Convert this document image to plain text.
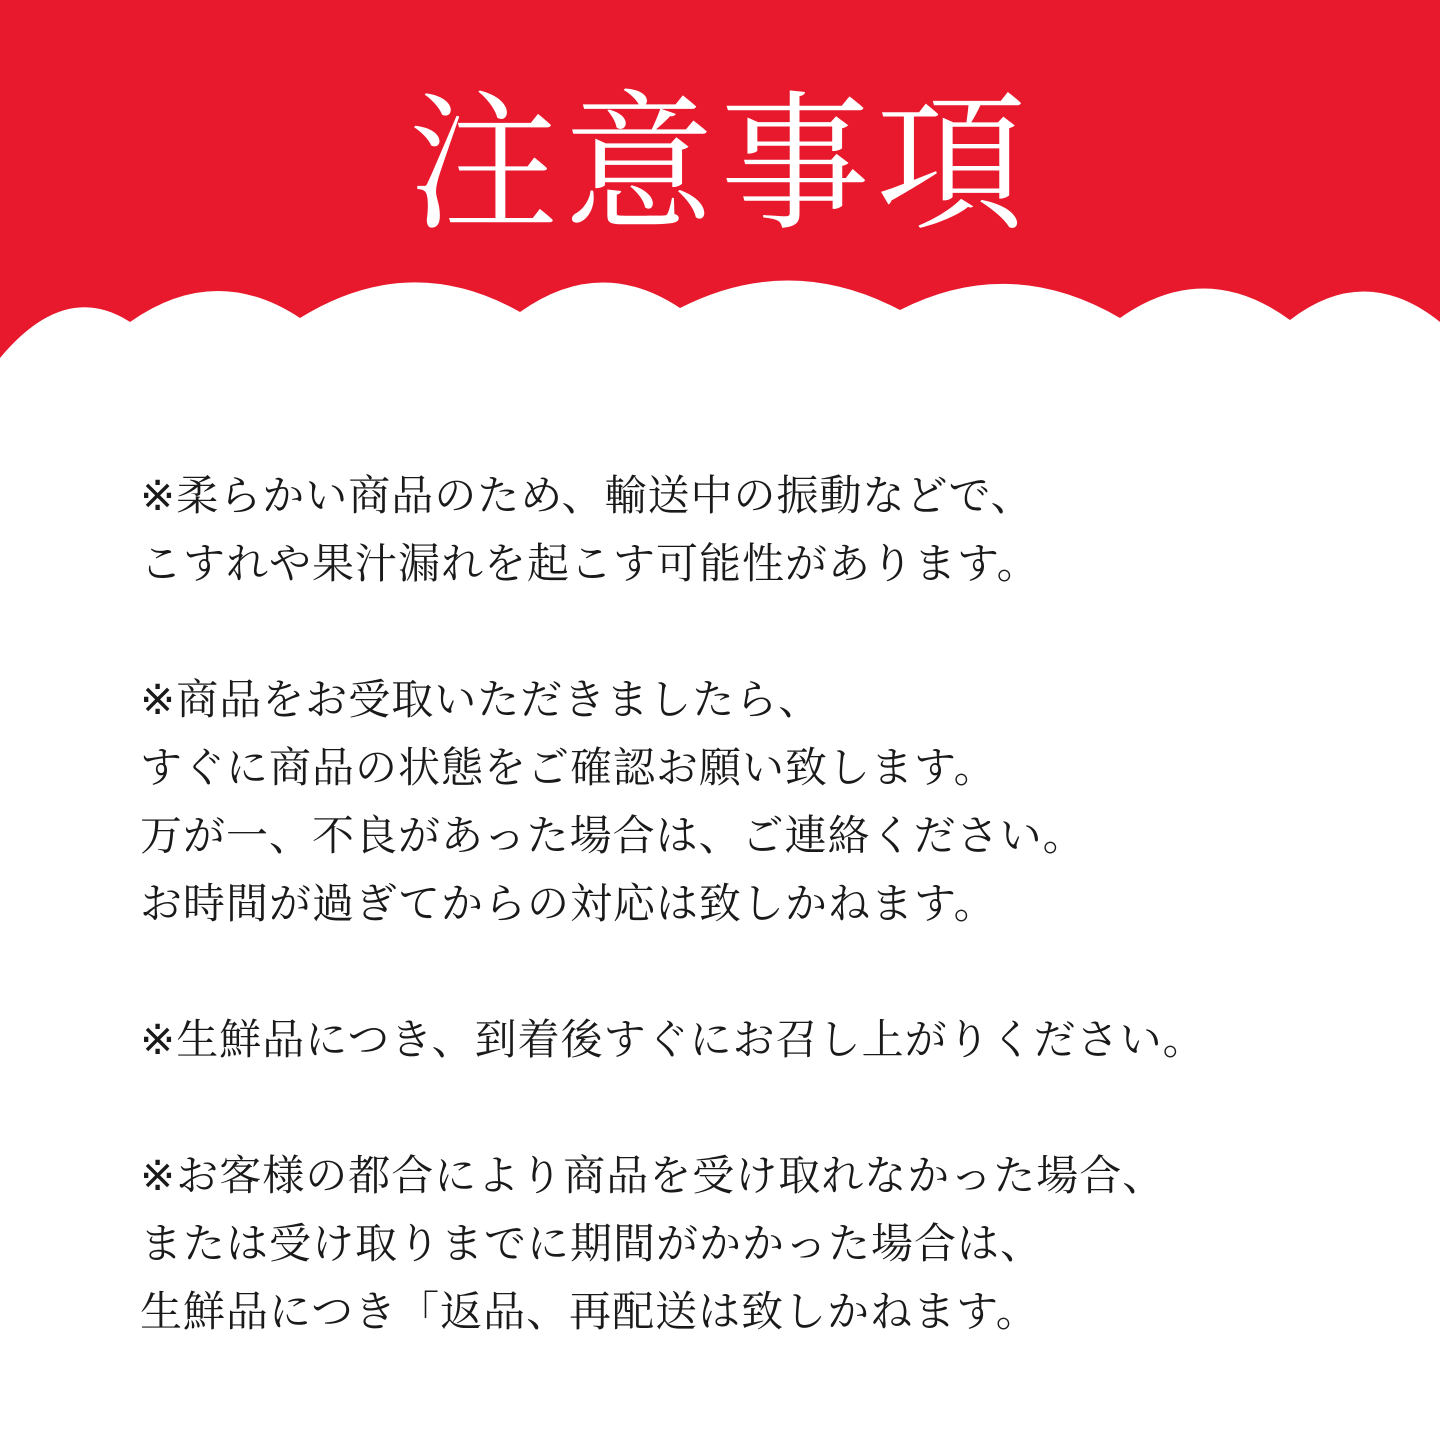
注意事項
※柔らかい商品のため、輸送中の振動などで、
こすれや果汁漏れを起こす可能性があります。
※商品をお受取いただきましたら、
すぐに商品の状態をご確認お願い致します。
万が一、不良があった場合は、ご連絡ください。
お時間が過ぎてからの対応は致しかねます。
※生鮮品につき、到着後すぐにお召し上がりください。
※お客様の都合により商品を受け取れなかった場合、
または受け取りまでに期間がかかった場合は、
生鮮品につき「返品、再配送は致しかねます。
